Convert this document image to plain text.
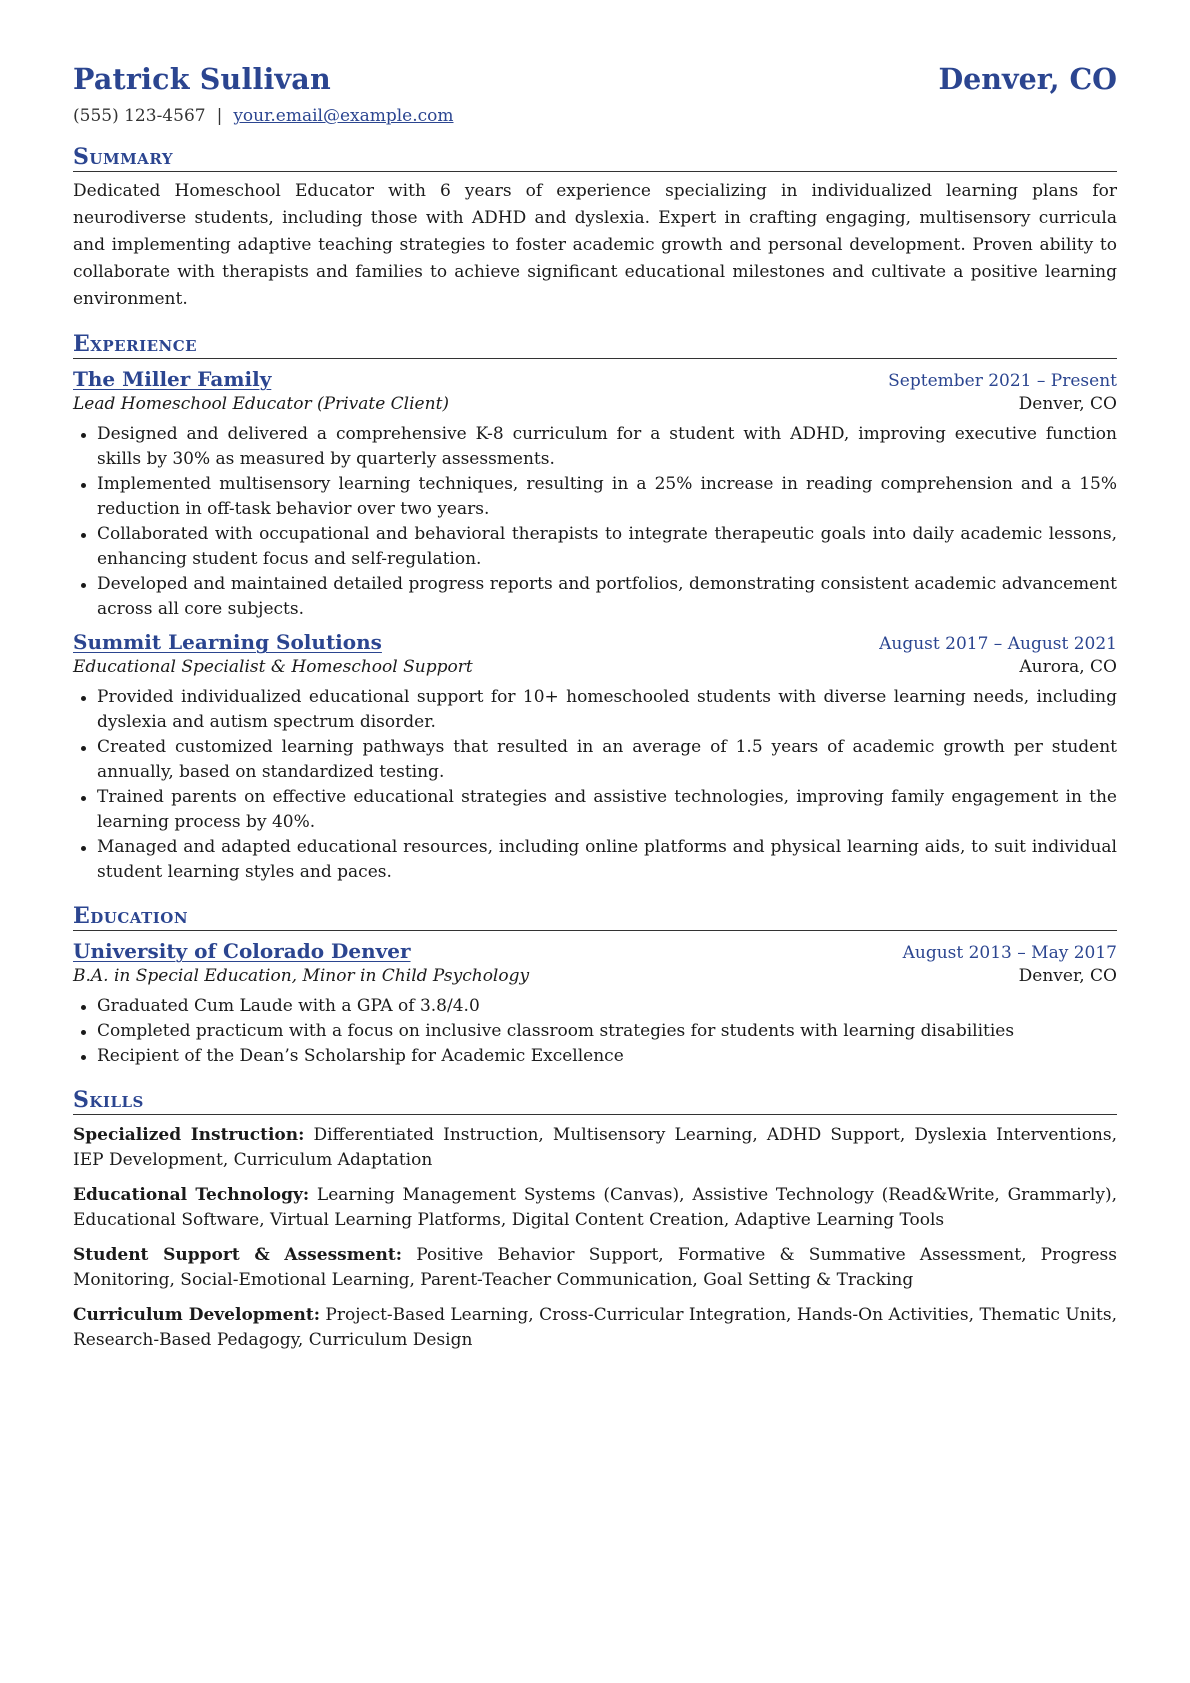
Patrick Sullivan	Denver, CO
(555) 123-4567 | your.email@example.com
Summary
Dedicated Homeschool Educator with 6 years of experience specializing in individualized learning plans for neurodiverse students, including those with ADHD and dyslexia. Expert in crafting engaging, multisensory curricula and implementing adaptive teaching strategies to foster academic growth and personal development. Proven ability to collaborate with therapists and families to achieve significant educational milestones and cultivate a positive learning environment.
Experience
The Miller Family	September 2021 – Present
Lead Homeschool Educator (Private Client)	Denver, CO
Designed and delivered a comprehensive K-8 curriculum for a student with ADHD, improving executive function skills by 30% as measured by quarterly assessments.
Implemented multisensory learning techniques, resulting in a 25% increase in reading comprehension and a 15% reduction in off-task behavior over two years.
Collaborated with occupational and behavioral therapists to integrate therapeutic goals into daily academic lessons, enhancing student focus and self-regulation.
Developed and maintained detailed progress reports and portfolios, demonstrating consistent academic advancement across all core subjects.
Summit Learning Solutions	August 2017 – August 2021
Educational Specialist & Homeschool Support	Aurora, CO
Provided individualized educational support for 10+ homeschooled students with diverse learning needs, including dyslexia and autism spectrum disorder.
Created customized learning pathways that resulted in an average of 1.5 years of academic growth per student annually, based on standardized testing.
Trained parents on effective educational strategies and assistive technologies, improving family engagement in the learning process by 40%.
Managed and adapted educational resources, including online platforms and physical learning aids, to suit individual student learning styles and paces.
Education
University of Colorado Denver	August 2013 – May 2017
B.A. in Special Education, Minor in Child Psychology	Denver, CO
Graduated Cum Laude with a GPA of 3.8/4.0
Completed practicum with a focus on inclusive classroom strategies for students with learning disabilities
Recipient of the Dean’s Scholarship for Academic Excellence
Skills
Specialized Instruction: Differentiated Instruction, Multisensory Learning, ADHD Support, Dyslexia Interventions, IEP Development, Curriculum Adaptation
Educational Technology: Learning Management Systems (Canvas), Assistive Technology (Read&Write, Grammarly), Educational Software, Virtual Learning Platforms, Digital Content Creation, Adaptive Learning Tools
Student Support & Assessment: Positive Behavior Support, Formative & Summative Assessment, Progress Monitoring, Social-Emotional Learning, Parent-Teacher Communication, Goal Setting & Tracking
Curriculum Development: Project-Based Learning, Cross-Curricular Integration, Hands-On Activities, Thematic Units, Research-Based Pedagogy, Curriculum Design
